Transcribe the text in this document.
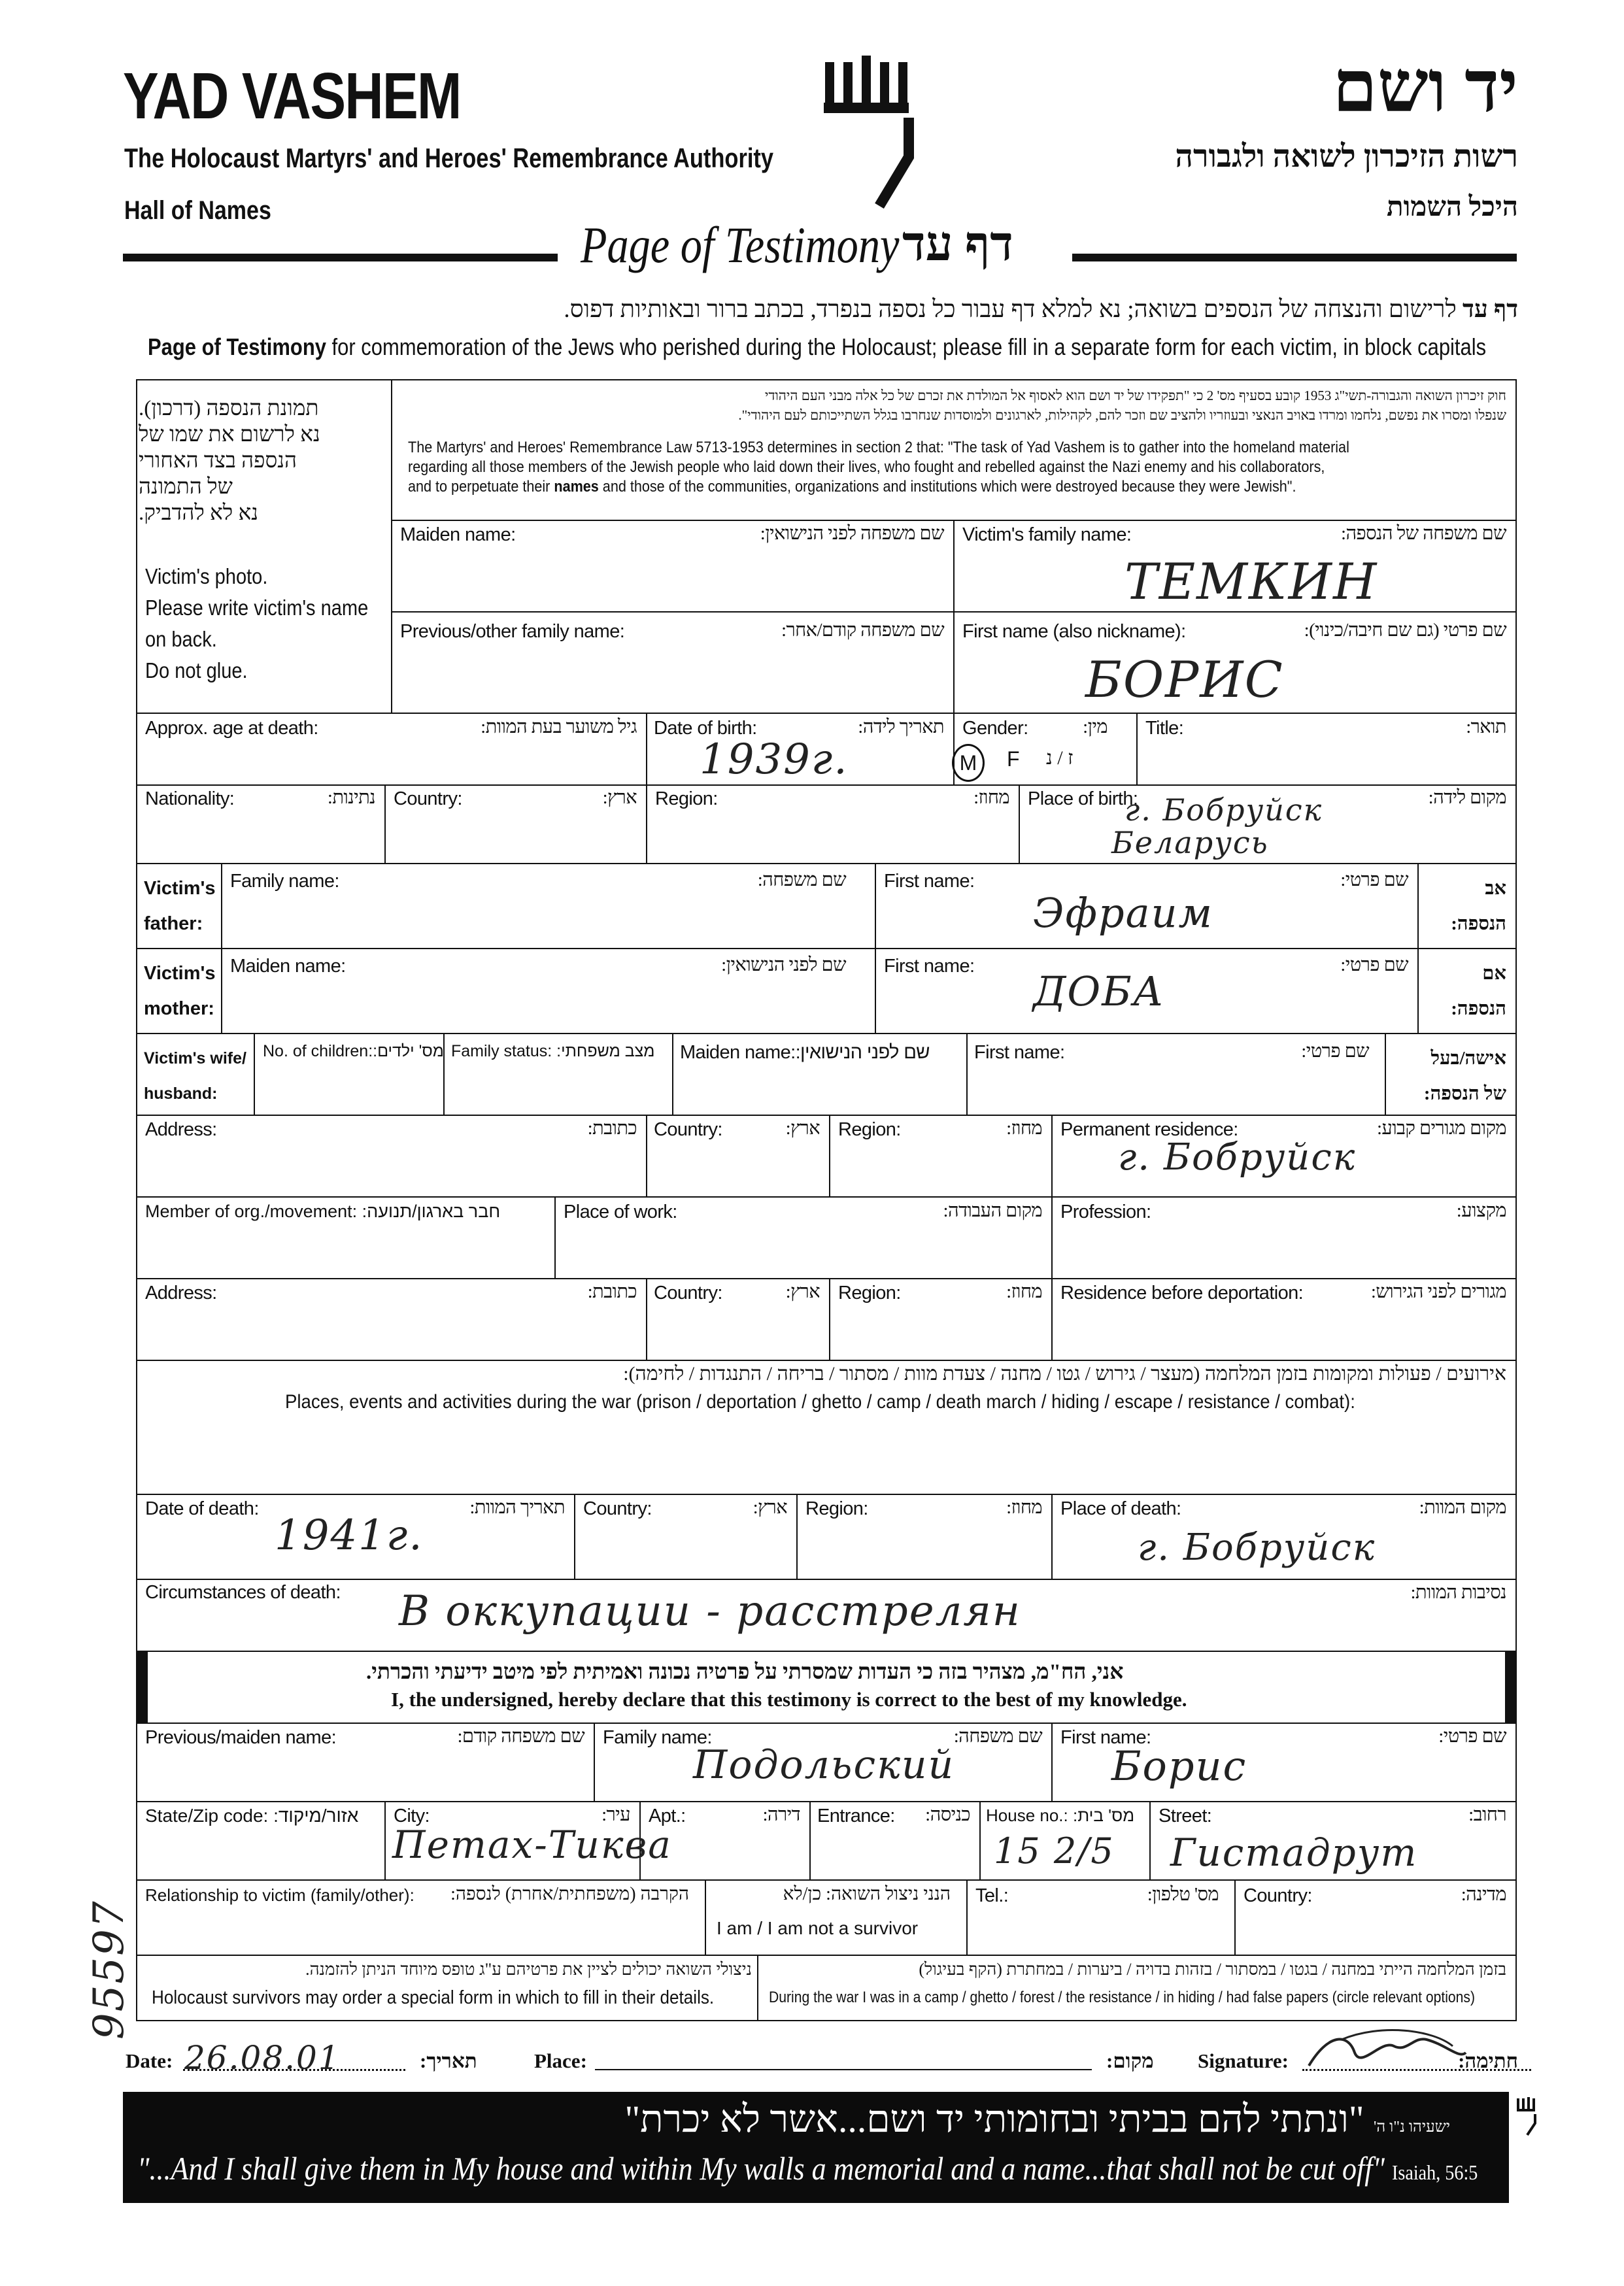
YAD VASHEM
The Holocaust Martyrs' and Heroes' Remembrance Authority
Hall of Names
יד ושם
רשות הזיכרון לשואה ולגבורה
היכל השמות
Page of Testimony דף עד
דף עד לרישום והנצחה של הנספים בשואה; נא למלא דף עבור כל נספה בנפרד, בכתב ברור ובאותיות דפוס.
Page of Testimony for commemoration of the Jews who perished during the Holocaust; please fill in a separate form for each victim, in block capitals
תמונת הנספה (דרכון).
נא לרשום את שמו של
הנספה בצד האחורי
של התמונה
נא לא להדביק.
Victim's photo.
Please write victim's name
on back.
Do not glue.
חוק זיכרון השואה והגבורה-תשי"ג 1953 קובע בסעיף מס' 2 כי "תפקידו של יד ושם הוא לאסוף אל המולדת את זכרם של כל אלה מבני העם היהודי
שנפלו ומסרו את נפשם, נלחמו ומרדו באויב הנאצי ובעוזריו ולהציב שם וזכר להם, לקהילות, לארגונים ולמוסדות שנחרבו בגלל השתייכותם לעם היהודי".
The Martyrs' and Heroes' Remembrance Law 5713-1953 determines in section 2 that: "The task of Yad Vashem is to gather into the homeland material
regarding all those members of the Jewish people who laid down their lives, who fought and rebelled against the Nazi enemy and his collaborators,
and to perpetuate their names and those of the communities, organizations and institutions which were destroyed because they were Jewish".
Maiden name:	שם משפחה לפני הנישואין: Victim's family name:	שם משפחה של הנספה:
ТЕМКИН
Previous/other family name:	שם משפחה קודם/אחר: First name (also nickname):	שם פרטי (גם שם חיבה/כינוי):
БОРИС
Approx. age at death:	גיל משוער בעת המוות: Date of birth:	תאריך לידה:
1939г.
Gender:	מין:
M	F ז / נ
Title:	תואר:
Nationality:	נתינות: Country:	ארץ: Region:	מחוז: Place of birth:	מקום לידה:
г. Бобруйск
Беларусь
Victim's
father:
Family name:	שם משפחה: First name:	שם פרטי:
Эфраим
אב
הנספה:
Victim's
mother:
Maiden name:	שם לפני הנישואין: First name:	שם פרטי:
ДОБА	אם
הנספה:
Victim's wife/
husband:
No. of children:מס' ילדים: Family status: מצב משפחתי: Maiden name:שם לפני הנישואין: First name:	שם פרטי:	אישה/בעל
של הנספה:
Address:	כתובת: Country:	ארץ: Region:	מחוז: Permanent residence:	מקום מגורים קבוע:
г. Бобруйск
Member of org./movement: חבר בארגון/תנועה:	Place of work:	מקום העבודה: Profession:	מקצוע:
Address:	כתובת: Country:	ארץ: Region:	מחוז: Residence before deportation:	מגורים לפני הגירוש:
אירועים / פעולות ומקומות בזמן המלחמה (מעצר / גירוש / גטו / מחנה / צעדת מוות / מסתור / בריחה / התנגדות / לחימה):
Places, events and activities during the war (prison / deportation / ghetto / camp / death march / hiding / escape / resistance / combat):
Date of death:	תאריך המוות:
1941г.
Country:	ארץ: Region:	מחוז: Place of death:	מקום המוות:
г. Бобруйск
Circumstances of death:	נסיבות המוות:
В оккупации - расстрелян
אני, הח"מ, מצהיר בזה כי העדות שמסרתי על פרטיה נכונה ואמיתית לפי מיטב ידיעתי והכרתי.
I, the undersigned, hereby declare that this testimony is correct to the best of my knowledge.
Previous/maiden name:	שם משפחה קודם: Family name:	שם משפחה:
Подольский
First name:	שם פרטי:
Борис
State/Zip code: אזור/מיקוד: City:	עיר:
Петах-Тиква
Apt.:	דירה: Entrance: כניסה: House no.: מס' בית:
15 2/5
Street:	רחוב:
Гистадрут
Relationship to victim (family/other): הקרבה (משפחתית/אחרת) לנספה:	הנני ניצול השואה: כן/לא
I am / I am not a survivor
Tel.:	מס' טלפון: Country:	מדינה:
ניצולי השואה יכולים לציין את פרטיהם ע"ג טופס מיוחד הניתן להזמנה.
Holocaust survivors may order a special form in which to fill in their details.
בזמן המלחמה הייתי במחנה / בגטו / במסתור / בזהות בדויה / ביערות / במחתרת (הקף בעיגול)
During the war I was in a camp / ghetto / forest / the resistance / in hiding / had false papers (circle relevant options)
Date: 26.08.01	תאריך:	Place:	מקום: Signature:	חתימה:
ישעיהו נ"ו ה' "ונתתי להם בביתי ובחומותי יד ושם...אשר לא יכרת"
"...And I shall give them in My house and within My walls a memorial and a name...that shall not be cut off" Isaiah, 56:5
95597
